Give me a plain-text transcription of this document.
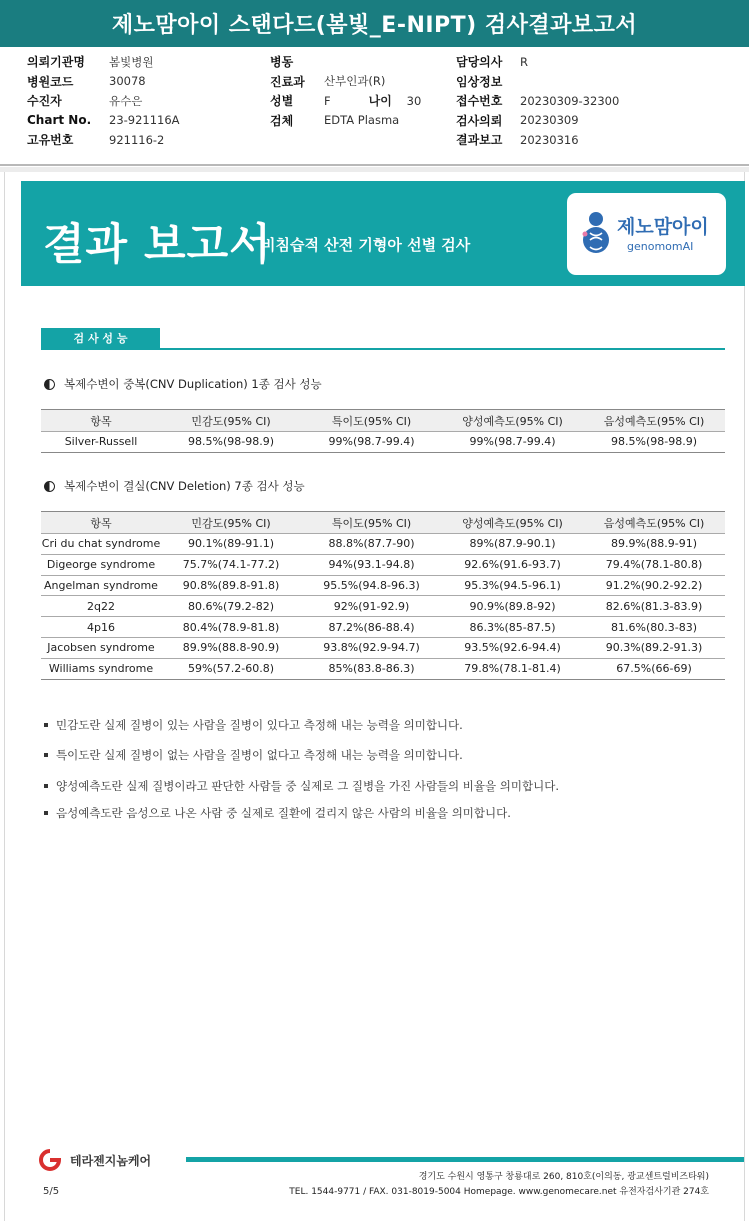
제노맘아이 스탠다드(봄빛_E-NIPT) 검사결과보고서
의뢰기관명	봄빛병원
병원코드	30078
수진자	유수은
Chart No.	23-921116A
고유번호	921116-2
병동
진료과	산부인과(R)
성별	F	나이	30
검체	EDTA Plasma
담당의사	R
임상정보
접수번호	20230309-32300
검사의뢰	20230309
결과보고	20230316
결과 보고서
비침습적 산전 기형아 선별 검사
제노맘아이
genomomAI
검 사 성 능
복제수변이 중복(CNV Duplication) 1종 검사 성능
항목	민감도(95% CI)	특이도(95% CI)	양성예측도(95% CI)	음성예측도(95% CI)
Silver-Russell	98.5%(98-98.9)	99%(98.7-99.4)	99%(98.7-99.4)	98.5%(98-98.9)
복제수변이 결실(CNV Deletion) 7종 검사 성능
항목	민감도(95% CI)	특이도(95% CI)	양성예측도(95% CI)	음성예측도(95% CI)
Cri du chat syndrome	90.1%(89-91.1)	88.8%(87.7-90)	89%(87.9-90.1)	89.9%(88.9-91)
Digeorge syndrome	75.7%(74.1-77.2)	94%(93.1-94.8)	92.6%(91.6-93.7)	79.4%(78.1-80.8)
Angelman syndrome	90.8%(89.8-91.8)	95.5%(94.8-96.3)	95.3%(94.5-96.1)	91.2%(90.2-92.2)
2q22	80.6%(79.2-82)	92%(91-92.9)	90.9%(89.8-92)	82.6%(81.3-83.9)
4p16	80.4%(78.9-81.8)	87.2%(86-88.4)	86.3%(85-87.5)	81.6%(80.3-83)
Jacobsen syndrome	89.9%(88.8-90.9)	93.8%(92.9-94.7)	93.5%(92.6-94.4)	90.3%(89.2-91.3)
Williams syndrome	59%(57.2-60.8)	85%(83.8-86.3)	79.8%(78.1-81.4)	67.5%(66-69)
민감도란 실제 질병이 있는 사람을 질병이 있다고 측정해 내는 능력을 의미합니다.
특이도란 실제 질병이 없는 사람을 질병이 없다고 측정해 내는 능력을 의미합니다.
양성예측도란 실제 질병이라고 판단한 사람들 중 실제로 그 질병을 가진 사람들의 비율을 의미합니다.
음성예측도란 음성으로 나온 사람 중 실제로 질환에 걸리지 않은 사람의 비율을 의미합니다.
테라젠지놈케어
5/5
경기도 수원시 영통구 창룡대로 260, 810호(이의동, 광교센트럴비즈타워)
TEL. 1544-9771 / FAX. 031-8019-5004 Homepage. www.genomecare.net 유전자검사기관 274호
